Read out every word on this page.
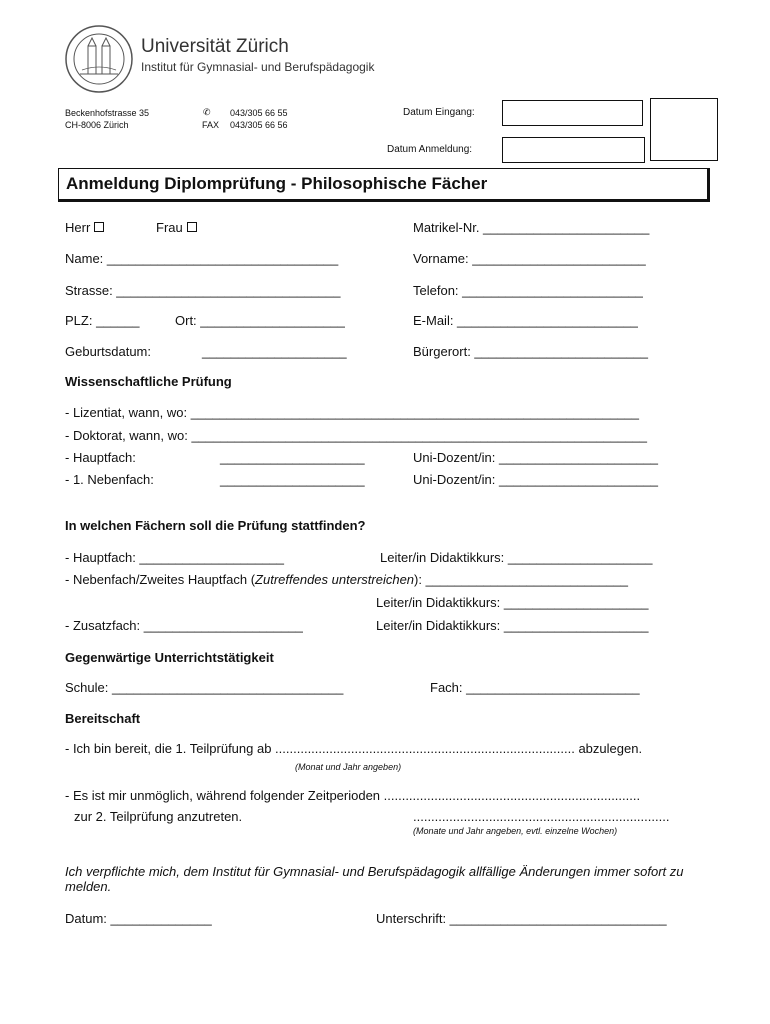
Universität Zürich
Institut für Gymnasial- und Berufspädagogik
Beckenhofstrasse 35
CH-8006 Zürich
✆ 043/305 66 55
FAX 043/305 66 56
Datum Eingang:
Datum Anmeldung:
Anmeldung Diplomprüfung - Philosophische Fächer
Herr	Frau	Matrikel-Nr. _______________________
Name: ________________________________	Vorname: ________________________
Strasse: _______________________________	Telefon: _________________________
PLZ: ______	Ort: ____________________	E-Mail: _________________________
Geburtsdatum:	____________________	Bürgerort: ________________________
Wissenschaftliche Prüfung
- Lizentiat, wann, wo: ______________________________________________________________
- Doktorat, wann, wo: _______________________________________________________________
- Hauptfach:	____________________	Uni-Dozent/in: ______________________
- 1. Nebenfach:	____________________	Uni-Dozent/in: ______________________
In welchen Fächern soll die Prüfung stattfinden?
- Hauptfach: ____________________	Leiter/in Didaktikkurs: ____________________
- Nebenfach/Zweites Hauptfach (Zutreffendes unterstreichen): ____________________________
Leiter/in Didaktikkurs: ____________________
- Zusatzfach: ______________________	Leiter/in Didaktikkurs: ____________________
Gegenwärtige Unterrichtstätigkeit
Schule: ________________________________	Fach: ________________________
Bereitschaft
- Ich bin bereit, die 1. Teilprüfung ab ................................................................................... abzulegen.
(Monat und Jahr angeben)
- Es ist mir unmöglich, während folgender Zeitperioden .......................................................................
zur 2. Teilprüfung anzutreten.	.......................................................................
(Monate und Jahr angeben, evtl. einzelne Wochen)
Ich verpflichte mich, dem Institut für Gymnasial- und Berufspädagogik allfällige Änderungen immer sofort zu melden.
Datum: ______________	Unterschrift: ______________________________
